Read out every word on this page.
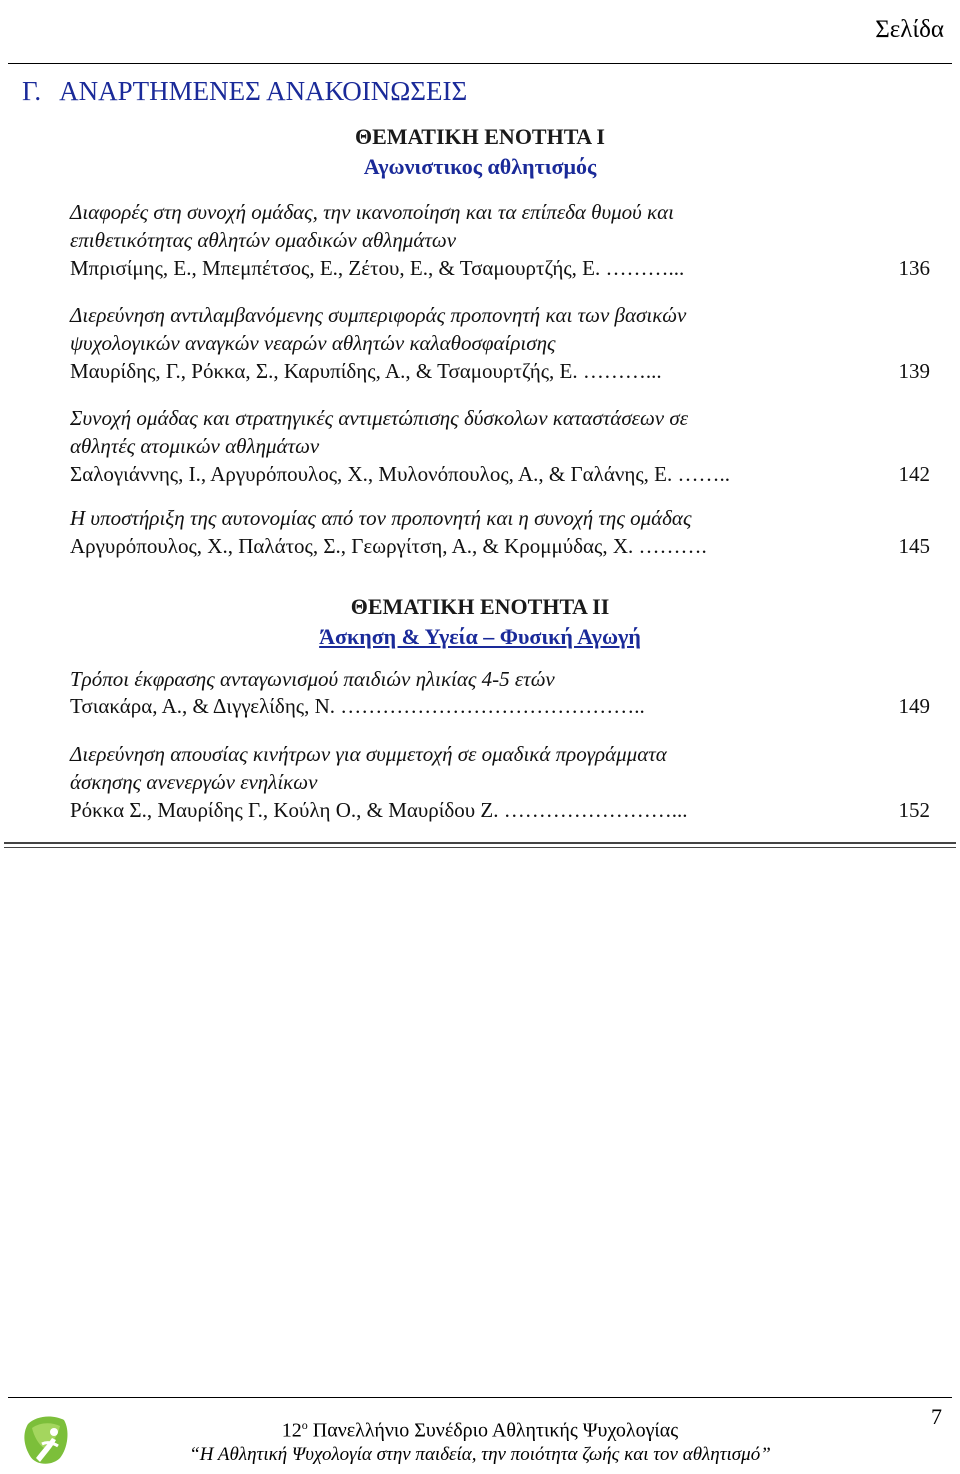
Σελίδα
Γ. ΑΝΑΡΤΗΜΕΝΕΣ ΑΝΑΚΟΙΝΩΣΕΙΣ
ΘΕΜΑΤΙΚΗ ΕΝΟΤΗΤΑ Ι
Αγωνιστικος αθλητισμός
Διαφορές στη συνοχή ομάδας, την ικανοποίηση και τα επίπεδα θυμού και
επιθετικότητας αθλητών ομαδικών αθλημάτων
Μπρισίμης, Ε., Μπεμπέτσος, Ε., Ζέτου, Ε., & Τσαμουρτζής, Ε. ………...	136
Διερεύνηση αντιλαμβανόμενης συμπεριφοράς προπονητή και των βασικών
ψυχολογικών αναγκών νεαρών αθλητών καλαθοσφαίρισης
Μαυρίδης, Γ., Ρόκκα, Σ., Καρυπίδης, Α., & Τσαμουρτζής, Ε. ………...	139
Συνοχή ομάδας και στρατηγικές αντιμετώπισης δύσκολων καταστάσεων σε
αθλητές ατομικών αθλημάτων
Σαλογιάννης, Ι., Αργυρόπουλος, Χ., Μυλονόπουλος, Α., & Γαλάνης, Ε. ……..	142
Η υποστήριξη της αυτονομίας από τον προπονητή και η συνοχή της ομάδας
Αργυρόπουλος, Χ., Παλάτος, Σ., Γεωργίτση, Α., & Κρομμύδας, Χ. ……….	145
ΘΕΜΑΤΙΚΗ ΕΝΟΤΗΤΑ ΙΙ
Άσκηση & Υγεία – Φυσική Αγωγή
Τρόποι έκφρασης ανταγωνισμού παιδιών ηλικίας 4-5 ετών
Τσιακάρα, Α., & Διγγελίδης, Ν. ……………………………………..	149
Διερεύνηση απουσίας κινήτρων για συμμετοχή σε ομαδικά προγράμματα
άσκησης ανενεργών ενηλίκων
Ρόκκα Σ., Μαυρίδης Γ., Κούλη Ο., & Μαυρίδου Ζ. ……………………...	152
7
$12^o$ Πανελλήνιο Συνέδριο Αθλητικής Ψυχολογίας
“Η Αθλητική Ψυχολογία στην παιδεία, την ποιότητα ζωής και τον αθλητισμό”
